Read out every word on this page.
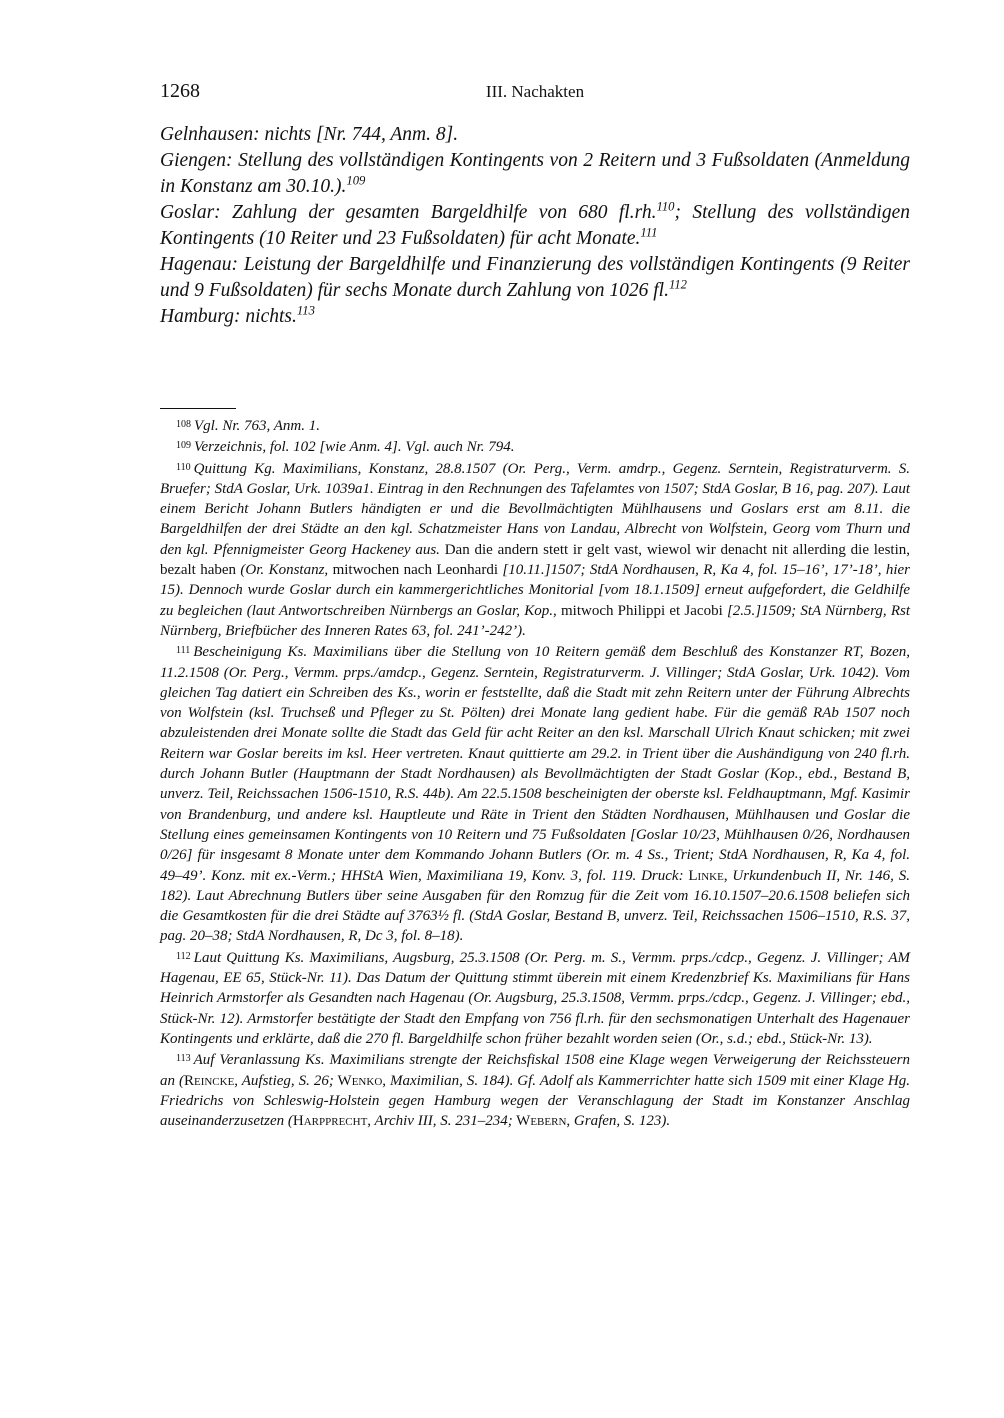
1268	III. Nachakten

Gelnhausen: nichts [Nr. 744, Anm. 8].

Giengen: Stellung des vollständigen Kontingents von 2 Reitern und 3 Fußsoldaten (Anmeldung in Konstanz am 30.10.).$^{109}$

Goslar: Zahlung der gesamten Bargeldhilfe von 680 fl.rh.$^{110}$; Stellung des vollständigen Kontingents (10 Reiter und 23 Fußsoldaten) für acht Monate.$^{111}$

Hagenau: Leistung der Bargeldhilfe und Finanzierung des vollständigen Kontingents (9 Reiter und 9 Fußsoldaten) für sechs Monate durch Zahlung von 1026 fl.$^{112}$

Hamburg: nichts.$^{113}$

$^{108}$ Vgl. Nr. 763, Anm. 1.

$^{109}$ Verzeichnis, fol. 102 [wie Anm. 4]. Vgl. auch Nr. 794.

$^{110}$ Quittung Kg. Maximilians, Konstanz, 28.8.1507 (Or. Perg., Verm. amdrp., Gegenz. Serntein, Registraturverm. S. Bruefer; StdA Goslar, Urk. 1039a1. Eintrag in den Rechnungen des Tafelamtes von 1507; StdA Goslar, B 16, pag. 207). Laut einem Bericht Johann Butlers händigten er und die Bevollmächtigten Mühlhausens und Goslars erst am 8.11. die Bargeldhilfen der drei Städte an den kgl. Schatzmeister Hans von Landau, Albrecht von Wolfstein, Georg vom Thurn und den kgl. Pfennigmeister Georg Hackeney aus. Dan die andern stett ir gelt vast, wiewol wir denacht nit allerding die lestin, bezalt haben (Or. Konstanz, mitwochen nach Leonhardi [10.11.]1507; StdA Nordhausen, R, Ka 4, fol. 15–16’, 17’-18’, hier 15). Dennoch wurde Goslar durch ein kammergerichtliches Monitorial [vom 18.1.1509] erneut aufgefordert, die Geldhilfe zu begleichen (laut Antwortschreiben Nürnbergs an Goslar, Kop., mitwoch Philippi et Jacobi [2.5.]1509; StA Nürnberg, Rst Nürnberg, Briefbücher des Inneren Rates 63, fol. 241’-242’).

$^{111}$ Bescheinigung Ks. Maximilians über die Stellung von 10 Reitern gemäß dem Beschluß des Konstanzer RT, Bozen, 11.2.1508 (Or. Perg., Vermm. prps./amdcp., Gegenz. Serntein, Registraturverm. J. Villinger; StdA Goslar, Urk. 1042). Vom gleichen Tag datiert ein Schreiben des Ks., worin er feststellte, daß die Stadt mit zehn Reitern unter der Führung Albrechts von Wolfstein (ksl. Truchseß und Pfleger zu St. Pölten) drei Monate lang gedient habe. Für die gemäß RAb 1507 noch abzuleistenden drei Monate sollte die Stadt das Geld für acht Reiter an den ksl. Marschall Ulrich Knaut schicken; mit zwei Reitern war Goslar bereits im ksl. Heer vertreten. Knaut quittierte am 29.2. in Trient über die Aushändigung von 240 fl.rh. durch Johann Butler (Hauptmann der Stadt Nordhausen) als Bevollmächtigten der Stadt Goslar (Kop., ebd., Bestand B, unverz. Teil, Reichssachen 1506-1510, R.S. 44b). Am 22.5.1508 bescheinigten der oberste ksl. Feldhauptmann, Mgf. Kasimir von Brandenburg, und andere ksl. Hauptleute und Räte in Trient den Städten Nordhausen, Mühlhausen und Goslar die Stellung eines gemeinsamen Kontingents von 10 Reitern und 75 Fußsoldaten [Goslar 10/23, Mühlhausen 0/26, Nordhausen 0/26] für insgesamt 8 Monate unter dem Kommando Johann Butlers (Or. m. 4 Ss., Trient; StdA Nordhausen, R, Ka 4, fol. 49–49’. Konz. mit ex.-Verm.; HHStA Wien, Maximiliana 19, Konv. 3, fol. 119. Druck: Linke, Urkundenbuch II, Nr. 146, S. 182). Laut Abrechnung Butlers über seine Ausgaben für den Romzug für die Zeit vom 16.10.1507–20.6.1508 beliefen sich die Gesamtkosten für die drei Städte auf 3763½ fl. (StdA Goslar, Bestand B, unverz. Teil, Reichssachen 1506–1510, R.S. 37, pag. 20–38; StdA Nordhausen, R, Dc 3, fol. 8–18).

$^{112}$ Laut Quittung Ks. Maximilians, Augsburg, 25.3.1508 (Or. Perg. m. S., Vermm. prps./cdcp., Gegenz. J. Villinger; AM Hagenau, EE 65, Stück-Nr. 11). Das Datum der Quittung stimmt überein mit einem Kredenzbrief Ks. Maximilians für Hans Heinrich Armstorfer als Gesandten nach Hagenau (Or. Augsburg, 25.3.1508, Vermm. prps./cdcp., Gegenz. J. Villinger; ebd., Stück-Nr. 12). Armstorfer bestätigte der Stadt den Empfang von 756 fl.rh. für den sechsmonatigen Unterhalt des Hagenauer Kontingents und erklärte, daß die 270 fl. Bargeldhilfe schon früher bezahlt worden seien (Or., s.d.; ebd., Stück-Nr. 13).

$^{113}$ Auf Veranlassung Ks. Maximilians strengte der Reichsfiskal 1508 eine Klage wegen Verweigerung der Reichssteuern an (Reincke, Aufstieg, S. 26; Wenko, Maximilian, S. 184). Gf. Adolf als Kammerrichter hatte sich 1509 mit einer Klage Hg. Friedrichs von Schleswig-Holstein gegen Hamburg wegen der Veranschlagung der Stadt im Konstanzer Anschlag auseinanderzusetzen (Harpprecht, Archiv III, S. 231–234; Webern, Grafen, S. 123).
